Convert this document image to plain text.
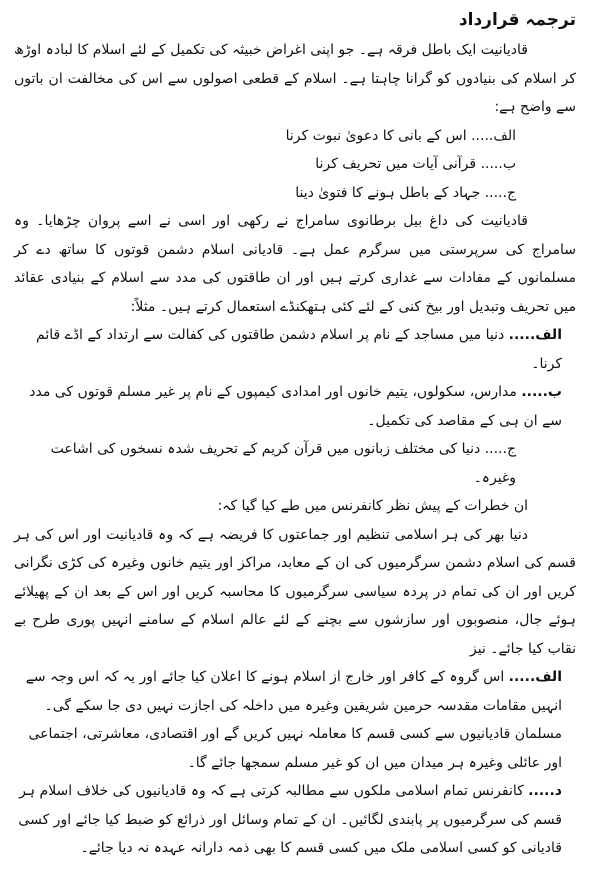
ترجمہ قرارداد

قادیانیت ایک باطل فرقہ ہے۔ جو اپنی اغراض خبیثہ کی تکمیل کے لئے اسلام کا لبادہ اوڑھ کر اسلام کی بنیادوں کو گرانا چاہتا ہے۔ اسلام کے قطعی اصولوں سے اس کی مخالفت ان باتوں سے واضح ہے:

الف..... اس کے بانی کا دعویٰ نبوت کرنا

ب..... قرآنی آیات میں تحریف کرنا

ج..... جہاد کے باطل ہونے کا فتویٰ دینا

قادیانیت کی داغ بیل برطانوی سامراج نے رکھی اور اسی نے اسے پروان چڑھایا۔ وہ سامراج کی سرپرستی میں سرگرم عمل ہے۔ قادیانی اسلام دشمن قوتوں کا ساتھ دے کر مسلمانوں کے مفادات سے غداری کرتے ہیں اور ان طاقتوں کی مدد سے اسلام کے بنیادی عقائد میں تحریف وتبدیل اور بیخ کنی کے لئے کئی ہتھکنڈے استعمال کرتے ہیں۔ مثلاً:

الف..... دنیا میں مساجد کے نام پر اسلام دشمن طاقتوں کی کفالت سے ارتداد کے اڈے قائم کرنا۔

ب..... مدارس، سکولوں، یتیم خانوں اور امدادی کیمپوں کے نام پر غیر مسلم قوتوں کی مدد سے ان ہی کے مقاصد کی تکمیل۔

ج..... دنیا کی مختلف زبانوں میں قرآن کریم کے تحریف شدہ نسخوں کی اشاعت وغیرہ۔

ان خطرات کے پیش نظر کانفرنس میں طے کیا گیا کہ:

دنیا بھر کی ہر اسلامی تنظیم اور جماعتوں کا فریضہ ہے کہ وہ قادیانیت اور اس کی ہر قسم کی اسلام دشمن سرگرمیوں کی ان کے معابد، مراکز اور یتیم خانوں وغیرہ کی کڑی نگرانی کریں اور ان کی تمام در پردہ سیاسی سرگرمیوں کا محاسبہ کریں اور اس کے بعد ان کے پھیلائے ہوئے جال، منصوبوں اور سازشوں سے بچنے کے لئے عالم اسلام کے سامنے انہیں پوری طرح بے نقاب کیا جائے۔ نیز

الف..... اس گروہ کے کافر اور خارج از اسلام ہونے کا اعلان کیا جائے اور یہ کہ اس وجہ سے انہیں مقامات مقدسہ حرمین شریفین وغیرہ میں داخلہ کی اجازت نہیں دی جا سکے گی۔ مسلمان قادیانیوں سے کسی قسم کا معاملہ نہیں کریں گے اور اقتصادی، معاشرتی، اجتماعی اور عائلی وغیرہ ہر میدان میں ان کو غیر مسلم سمجھا جائے گا۔

د..... کانفرنس تمام اسلامی ملکوں سے مطالبہ کرتی ہے کہ وہ قادیانیوں کی خلاف اسلام ہر قسم کی سرگرمیوں پر پابندی لگائیں۔ ان کے تمام وسائل اور ذرائع کو ضبط کیا جائے اور کسی قادیانی کو کسی اسلامی ملک میں کسی قسم کا بھی ذمہ دارانہ عہدہ نہ دیا جائے۔
